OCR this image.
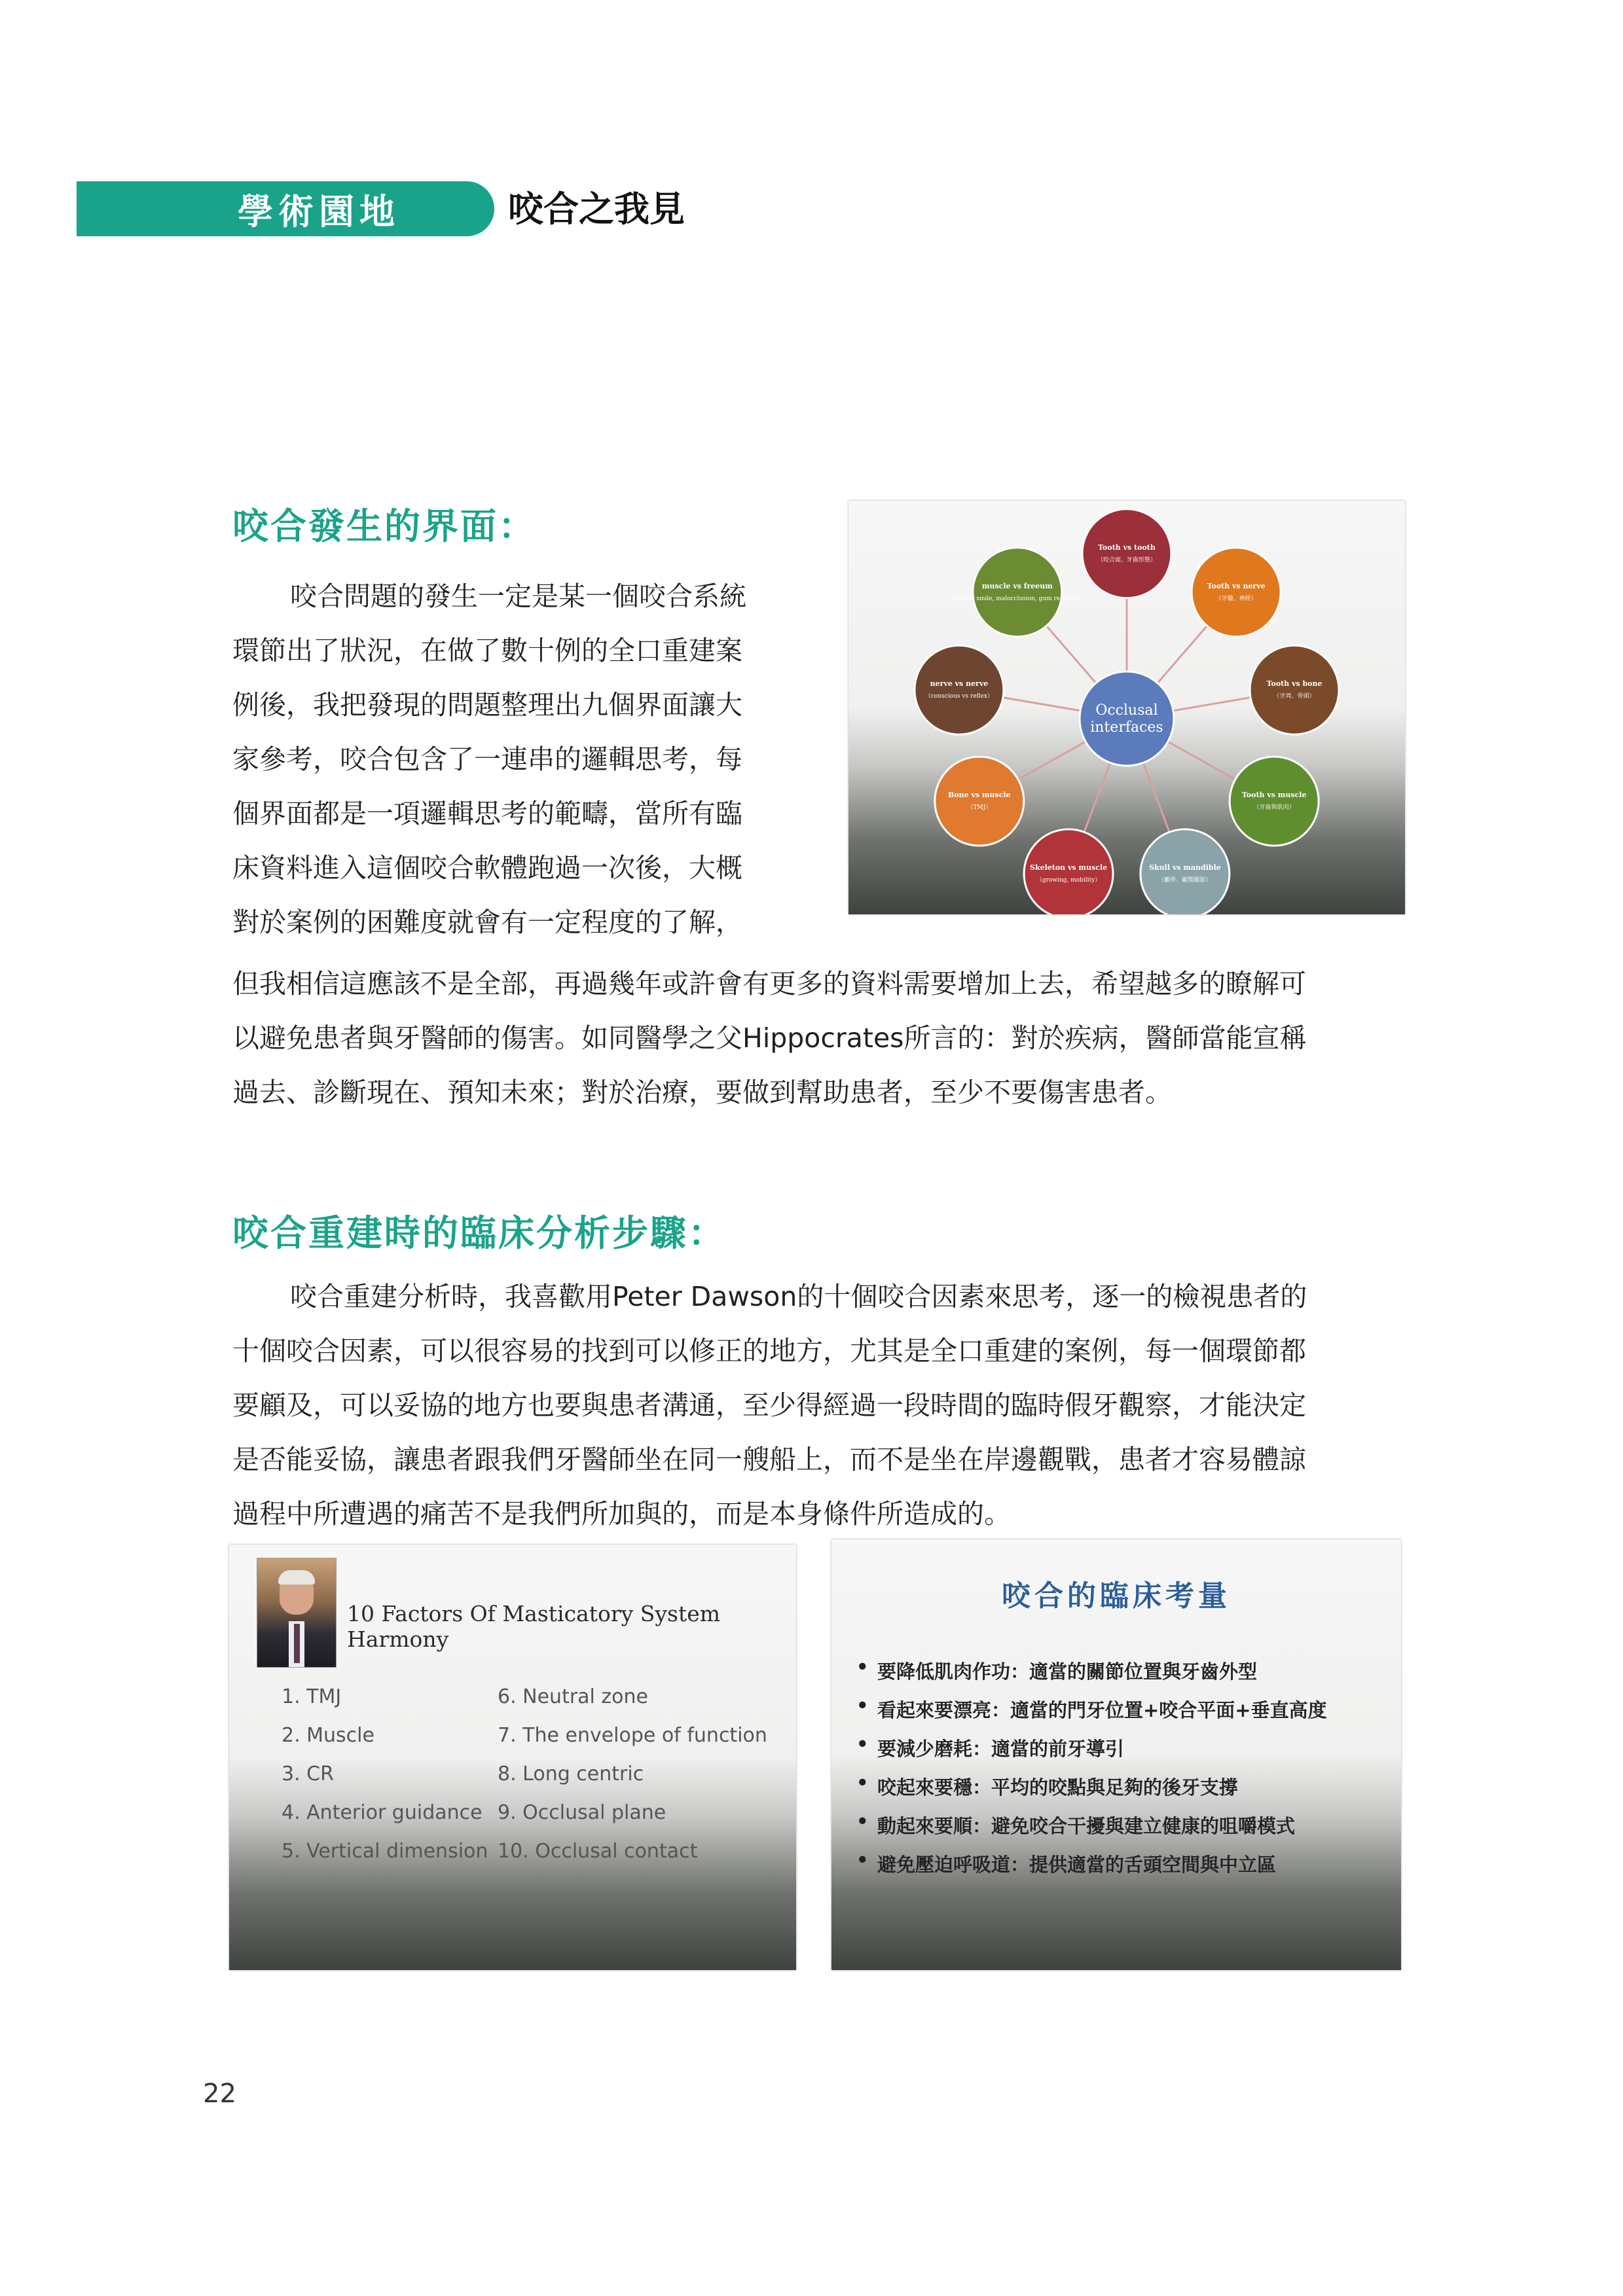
學術園地	咬合之我見
咬合發生的界面：
咬合問題的發生一定是某一個咬合系統
環節出了狀況，在做了數十例的全口重建案
例後，我把發現的問題整理出九個界面讓大
家參考，咬合包含了一連串的邏輯思考，每
個界面都是一項邏輯思考的範疇，當所有臨
床資料進入這個咬合軟體跑過一次後，大概
對於案例的困難度就會有一定程度的了解，
但我相信這應該不是全部，再過幾年或許會有更多的資料需要增加上去，希望越多的瞭解可
以避免患者與牙醫師的傷害。如同醫學之父Hippocrates所言的：對於疾病，醫師當能宣稱
過去、診斷現在、預知未來；對於治療，要做到幫助患者，至少不要傷害患者。
Tooth vs tooth
（咬合面、牙齒形態）
Tooth vs nerve
（牙髓、神經）
Tooth vs bone
（牙周、骨頭）
Tooth vs muscle
（牙齒與肌肉）
Skull vs mandible
（顱骨、顳顎關節）
Skeleton vs muscle
（growing, mobility）
Bone vs muscle
（TMJ）
nerve vs nerve
（conscious vs reflex）
muscle vs freeum
（gummy smile, malocclusion, gum recession）
Occlusal
interfaces
咬合重建時的臨床分析步驟：
咬合重建分析時，我喜歡用Peter Dawson的十個咬合因素來思考，逐一的檢視患者的
十個咬合因素，可以很容易的找到可以修正的地方，尤其是全口重建的案例，每一個環節都
要顧及，可以妥協的地方也要與患者溝通，至少得經過一段時間的臨時假牙觀察，才能決定
是否能妥協，讓患者跟我們牙醫師坐在同一艘船上，而不是坐在岸邊觀戰，患者才容易體諒
過程中所遭遇的痛苦不是我們所加與的，而是本身條件所造成的。
10 Factors Of Masticatory System Harmony
1. TMJ
2. Muscle
3. CR
4. Anterior guidance
5. Vertical dimension
6. Neutral zone
7. The envelope of function
8. Long centric
9. Occlusal plane
10. Occlusal contact
咬合的臨床考量
• 要降低肌肉作功：適當的關節位置與牙齒外型
• 看起來要漂亮：適當的門牙位置+咬合平面+垂直高度
• 要減少磨耗：適當的前牙導引
• 咬起來要穩：平均的咬點與足夠的後牙支撐
• 動起來要順：避免咬合干擾與建立健康的咀嚼模式
• 避免壓迫呼吸道：提供適當的舌頭空間與中立區
22
